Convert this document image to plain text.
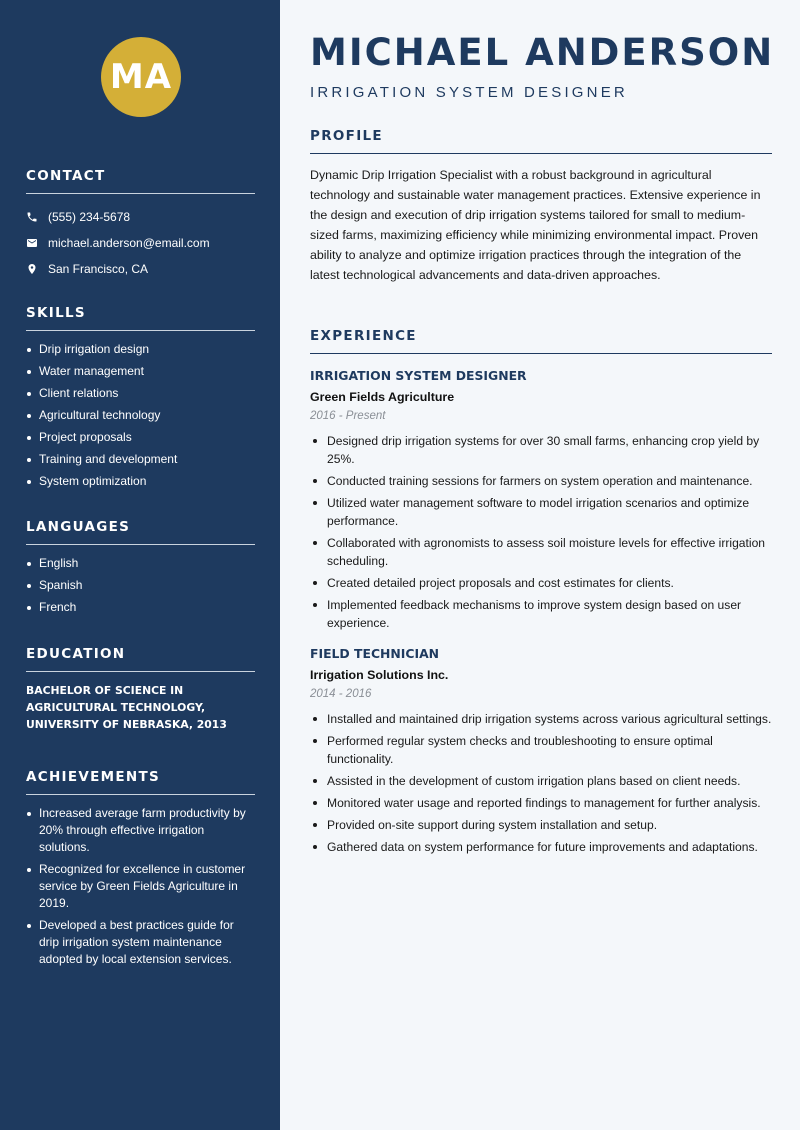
MA
CONTACT
(555) 234-5678
michael.anderson@email.com
San Francisco, CA
SKILLS
Drip irrigation design
Water management
Client relations
Agricultural technology
Project proposals
Training and development
System optimization
LANGUAGES
English
Spanish
French
EDUCATION
BACHELOR OF SCIENCE IN
AGRICULTURAL TECHNOLOGY,
UNIVERSITY OF NEBRASKA, 2013
ACHIEVEMENTS
Increased average farm productivity by 20% through effective irrigation solutions.
Recognized for excellence in customer service by Green Fields Agriculture in 2019.
Developed a best practices guide for drip irrigation system maintenance adopted by local extension services.
MICHAEL ANDERSON
IRRIGATION SYSTEM DESIGNER
PROFILE

Dynamic Drip Irrigation Specialist with a robust background in agricultural technology and sustainable water management practices. Extensive experience in the design and execution of drip irrigation systems tailored for small to medium-sized farms, maximizing efficiency while minimizing environmental impact. Proven ability to analyze and optimize irrigation practices through the integration of the latest technological advancements and data-driven approaches.

EXPERIENCE
IRRIGATION SYSTEM DESIGNER
Green Fields Agriculture
2016 - Present
Designed drip irrigation systems for over 30 small farms, enhancing crop yield by 25%.
Conducted training sessions for farmers on system operation and maintenance.
Utilized water management software to model irrigation scenarios and optimize performance.
Collaborated with agronomists to assess soil moisture levels for effective irrigation scheduling.
Created detailed project proposals and cost estimates for clients.
Implemented feedback mechanisms to improve system design based on user experience.
FIELD TECHNICIAN
Irrigation Solutions Inc.
2014 - 2016
Installed and maintained drip irrigation systems across various agricultural settings.
Performed regular system checks and troubleshooting to ensure optimal functionality.
Assisted in the development of custom irrigation plans based on client needs.
Monitored water usage and reported findings to management for further analysis.
Provided on-site support during system installation and setup.
Gathered data on system performance for future improvements and adaptations.
